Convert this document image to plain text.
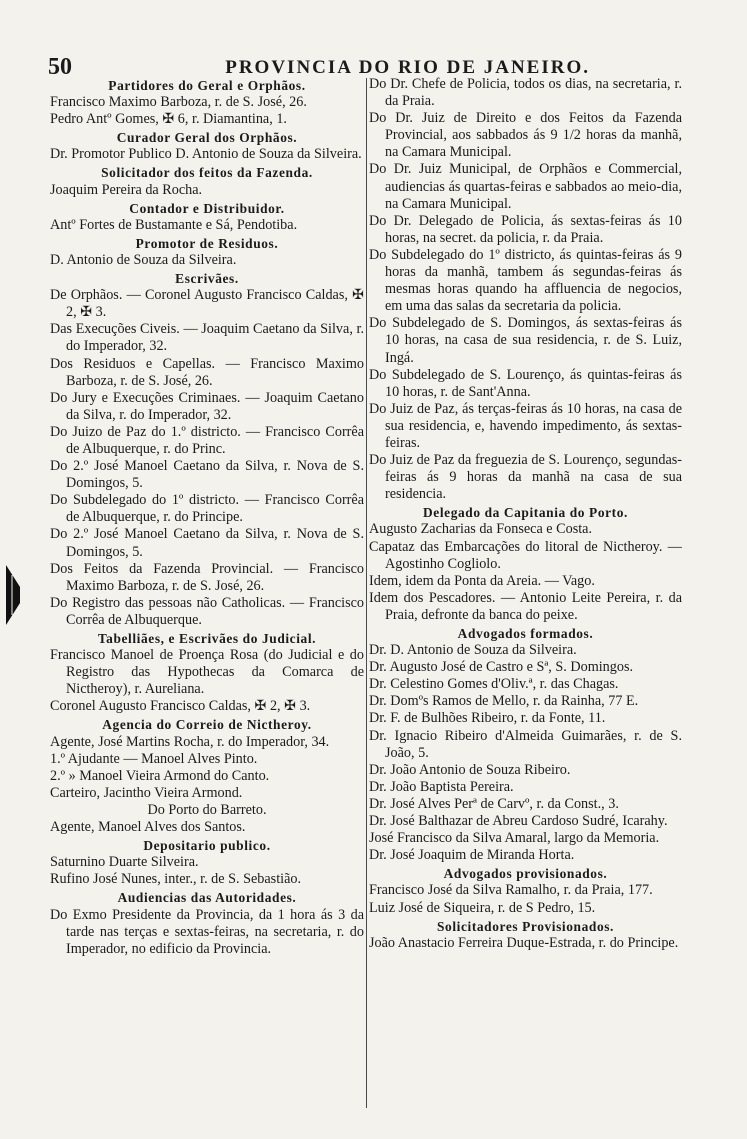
50	PROVINCIA DO RIO DE JANEIRO.

Partidores do Geral e Orphãos.

Francisco Maximo Barboza, r. de S. José, 26.

Pedro Antº Gomes, ✠ 6, r. Diamantina, 1.

Curador Geral dos Orphãos.

Dr. Promotor Publico D. Antonio de Souza da Silveira.

Solicitador dos feitos da Fazenda.

Joaquim Pereira da Rocha.

Contador e Distribuidor.

Antº Fortes de Bustamante e Sá, Pendotiba.

Promotor de Residuos.

D. Antonio de Souza da Silveira.

Escrivães.

De Orphãos. — Coronel Augusto Francisco Caldas, ✠ 2, ✠ 3.

Das Execuções Civeis. — Joaquim Caetano da Silva, r. do Imperador, 32.

Dos Residuos e Capellas. — Francisco Maximo Barboza, r. de S. José, 26.

Do Jury e Execuções Criminaes. — Joaquim Caetano da Silva, r. do Imperador, 32.

Do Juizo de Paz do 1.º districto. — Francisco Corrêa de Albuquerque, r. do Princ.

Do 2.º José Manoel Caetano da Silva, r. Nova de S. Domingos, 5.

Do Subdelegado do 1º districto. — Francisco Corrêa de Albuquerque, r. do Principe.

Do 2.º José Manoel Caetano da Silva, r. Nova de S. Domingos, 5.

Dos Feitos da Fazenda Provincial. — Francisco Maximo Barboza, r. de S. José, 26.

Do Registro das pessoas não Catholicas. — Francisco Corrêa de Albuquerque.

Tabelliães, e Escrivães do Judicial.

Francisco Manoel de Proença Rosa (do Judicial e do Registro das Hypothecas da Comarca de Nictheroy), r. Aureliana.

Coronel Augusto Francisco Caldas, ✠ 2, ✠ 3.

Agencia do Correio de Nictheroy.

Agente, José Martins Rocha, r. do Imperador, 34.

1.º Ajudante — Manoel Alves Pinto.

2.º » Manoel Vieira Armond do Canto.

Carteiro, Jacintho Vieira Armond.

Do Porto do Barreto.

Agente, Manoel Alves dos Santos.

Depositario publico.

Saturnino Duarte Silveira.

Rufino José Nunes, inter., r. de S. Sebastião.

Audiencias das Autoridades.

Do Exmo Presidente da Provincia, da 1 hora ás 3 da tarde nas terças e sextas-feiras, na secretaria, r. do Imperador, no edificio da Provincia.

Do Dr. Chefe de Policia, todos os dias, na secretaria, r. da Praia.

Do Dr. Juiz de Direito e dos Feitos da Fazenda Provincial, aos sabbados ás 9 1/2 horas da manhã, na Camara Municipal.

Do Dr. Juiz Municipal, de Orphãos e Commercial, audiencias ás quartas-feiras e sabbados ao meio-dia, na Camara Municipal.

Do Dr. Delegado de Policia, ás sextas-feiras ás 10 horas, na secret. da policia, r. da Praia.

Do Subdelegado do 1º districto, ás quintas-feiras ás 9 horas da manhã, tambem ás segundas-feiras ás mesmas horas quando ha affluencia de negocios, em uma das salas da secretaria da policia.

Do Subdelegado de S. Domingos, ás sextas-feiras ás 10 horas, na casa de sua residencia, r. de S. Luiz, Ingá.

Do Subdelegado de S. Lourenço, ás quintas-feiras ás 10 horas, r. de Sant'Anna.

Do Juiz de Paz, ás terças-feiras ás 10 horas, na casa de sua residencia, e, havendo impedimento, ás sextas-feiras.

Do Juiz de Paz da freguezia de S. Lourenço, segundas-feiras ás 9 horas da manhã na casa de sua residencia.

Delegado da Capitania do Porto.

Augusto Zacharias da Fonseca e Costa.

Capataz das Embarcações do litoral de Nictheroy. — Agostinho Cogliolo.

Idem, idem da Ponta da Areia. — Vago.

Idem dos Pescadores. — Antonio Leite Pereira, r. da Praia, defronte da banca do peixe.

Advogados formados.

Dr. D. Antonio de Souza da Silveira.

Dr. Augusto José de Castro e Sª, S. Domingos.

Dr. Celestino Gomes d'Oliv.ª, r. das Chagas.

Dr. Domºs Ramos de Mello, r. da Rainha, 77 E.

Dr. F. de Bulhões Ribeiro, r. da Fonte, 11.

Dr. Ignacio Ribeiro d'Almeida Guimarães, r. de S. João, 5.

Dr. João Antonio de Souza Ribeiro.

Dr. João Baptista Pereira.

Dr. José Alves Perª de Carvº, r. da Const., 3.

Dr. José Balthazar de Abreu Cardoso Sudré, Icarahy.

José Francisco da Silva Amaral, largo da Memoria.

Dr. José Joaquim de Miranda Horta.

Advogados provisionados.

Francisco José da Silva Ramalho, r. da Praia, 177.

Luiz José de Siqueira, r. de S Pedro, 15.

Solicitadores Provisionados.

João Anastacio Ferreira Duque-Estrada, r. do Principe.
